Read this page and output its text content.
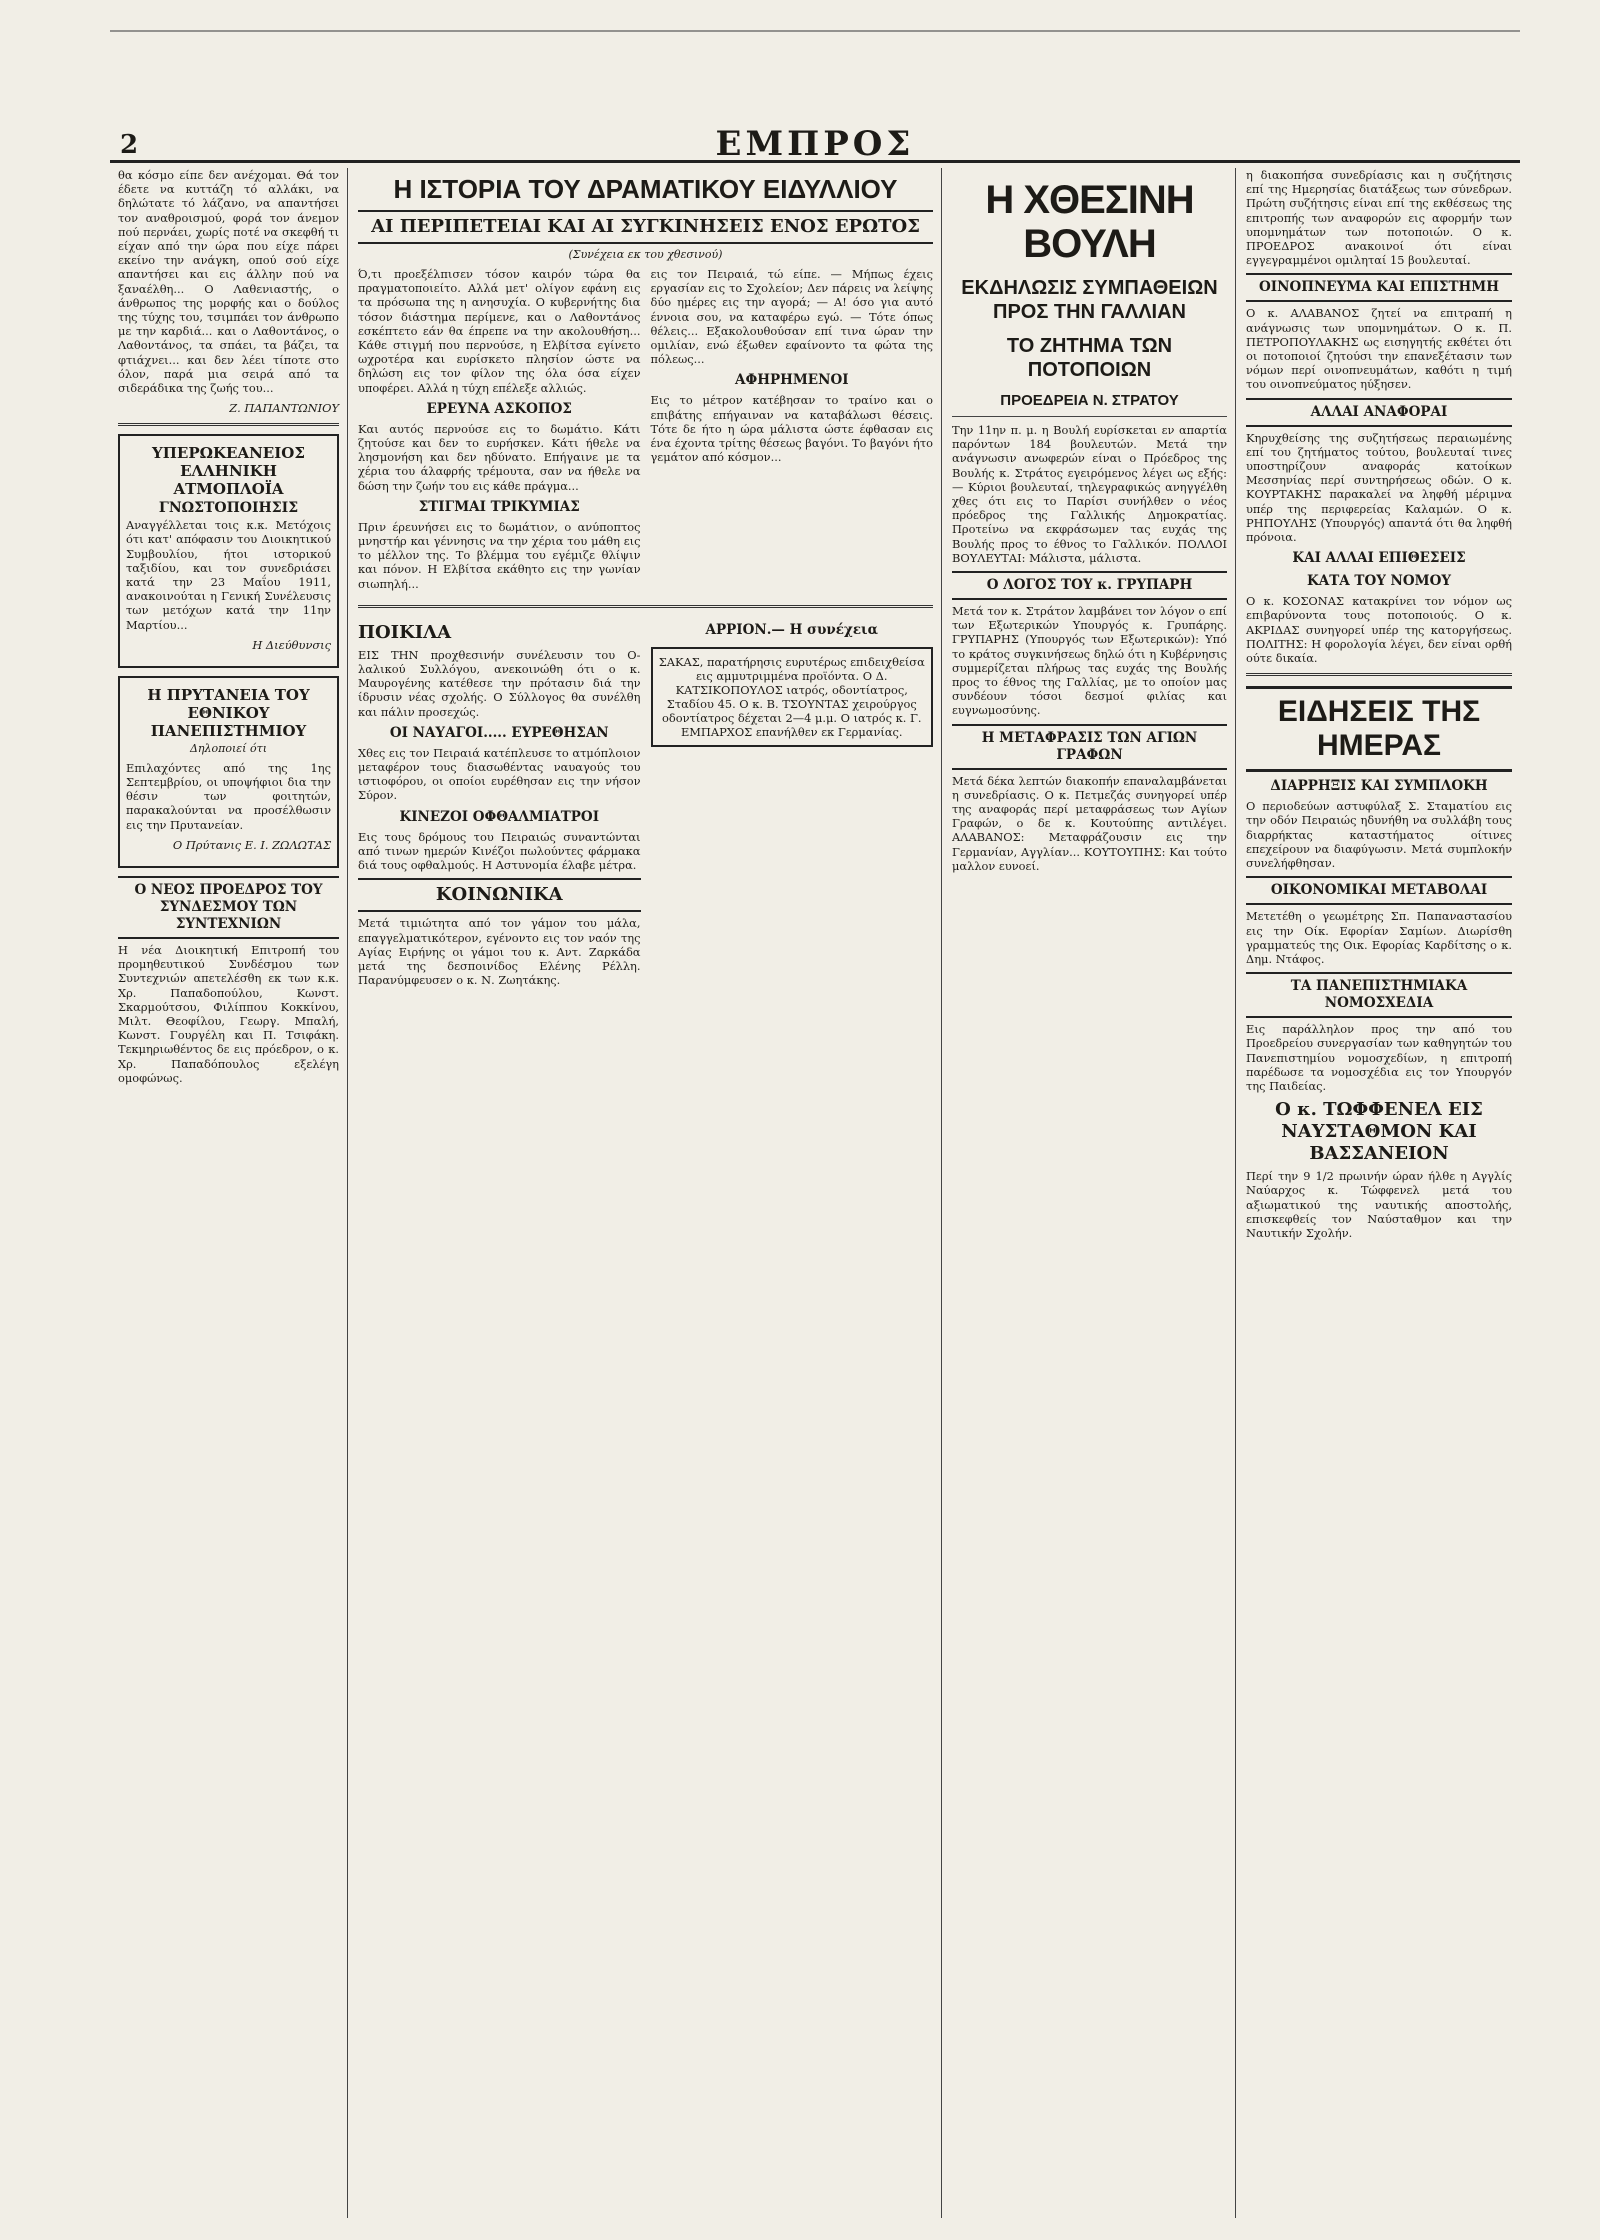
2	ΕΜΠΡΟΣ

θα κόσμο είπε δεν ανέχομαι. Θά τον έδετε να κυττάζη τό αλλάκι, να δηλώτατε τό λάζανο, να απαντήσει τον αναθροισμού, φορά τον άνεμον πού περνάει, χωρίς ποτέ να σκεφθή τι είχαν από την ώρα που είχε πάρει εκείνο την ανάγκη, οπού σού είχε απαντήσει και εις άλλην πού να ξαναέλθη... Ο Λαθενιαστής, ο άνθρωπος της μορφής και ο δούλος της τύχης του, τσιμπάει τον άνθρωπο με την καρδιά... και ο Λαθοντάνος, ο Λαθοντάνος, τα σπάει, τα βάζει, τα φτιάχνει... και δεν λέει τίποτε στο όλον, παρά μια σειρά από τα σιδεράδικα της ζωής του...

Ζ. ΠΑΠΑΝΤΩΝΙΟΥ
ΥΠΕΡΩΚΕΑΝΕΙΟΣ ΕΛΛΗΝΙΚΗ ΑΤΜΟΠΛΟΪΑ
ΓΝΩΣΤΟΠΟΙΗΣΙΣ

Αναγγέλλεται τοις κ.κ. Μετόχοις ότι κατ' απόφασιν του Διοικητικού Συμβουλίου, ήτοι ιστορικού ταξιδίου, και τον συνεδριάσει κατά την 23 Μαΐου 1911, ανακοινούται η Γενική Συνέλευσις των μετόχων κατά την 11ην Μαρτίου...

Η Διεύθυνσις
Η ΠΡΥΤΑΝΕΙΑ ΤΟΥ ΕΘΝΙΚΟΥ ΠΑΝΕΠΙΣΤΗΜΙΟΥ
Δηλοποιεί ότι

Επιλαχόντες από της 1ης Σεπτεμβρίου, οι υποψήφιοι δια την θέσιν των φοιτητών, παρακαλούνται να προσέλθωσιν εις την Πρυτανείαν.

Ο Πρύτανις Ε. Ι. ΖΩΛΩΤΑΣ
Ο ΝΕΟΣ ΠΡΟΕΔΡΟΣ ΤΟΥ ΣΥΝΔΕΣΜΟΥ ΤΩΝ ΣΥΝΤΕΧΝΙΩΝ

Η νέα Διοικητική Επιτροπή του προμηθευτικού Συνδέσμου των Συντεχνιών απετελέσθη εκ των κ.κ. Χρ. Παπαδοπούλου, Κωνστ. Σκαρμούτσου, Φιλίππου Κοκκίνου, Μιλτ. Θεοφίλου, Γεωργ. Μπαλή, Κωνστ. Γουργέλη και Π. Τσιφάκη. Τεκμηριωθέντος δε εις πρόεδρον, ο κ. Χρ. Παπαδόπουλος εξελέγη ομοφώνως.

Η ΙΣΤΟΡΙΑ ΤΟΥ ΔΡΑΜΑΤΙΚΟΥ ΕΙΔΥΛΛΙΟΥ
ΑΙ ΠΕΡΙΠΕΤΕΙΑΙ ΚΑΙ ΑΙ ΣΥΓΚΙΝΗΣΕΙΣ ΕΝΟΣ ΕΡΩΤΟΣ
(Συνέχεια εκ του χθεσινού)

Ό,τι προεξέλπισεν τόσον καιρόν τώρα θα πραγματοποιείτο. Αλλά μετ' ολίγον εφάνη εις τα πρόσωπα της η ανησυχία. Ο κυβερνήτης δια τόσον διάστημα περίμενε, και ο Λαθοντάνος εσκέπτετο εάν θα έπρεπε να την ακολουθήση... Κάθε στιγμή που περνούσε, η Ελβίτσα εγίνετο ωχροτέρα και ευρίσκετο πλησίον ώστε να δηλώση εις τον φίλον της όλα όσα είχεν υποφέρει. Αλλά η τύχη επέλεξε αλλιώς.

ΕΡΕΥΝΑ ΑΣΚΟΠΟΣ

Και αυτός περνούσε εις το δωμάτιο. Κάτι ζητούσε και δεν το ευρήσκεν. Κάτι ήθελε να λησμονήση και δεν ηδύνατο. Επήγαινε με τα χέρια του άλαφρής τρέμουτα, σαν να ήθελε να δώση την ζωήν του εις κάθε πράγμα...

ΣΤΙΓΜΑΙ ΤΡΙΚΥΜΙΑΣ

Πριν έρευνήσει εις το δωμάτιον, ο ανύποπτος μνηστήρ και γέννησις να την χέρια του μάθη εις το μέλλον της. Το βλέμμα του εγέμιζε θλίψιν και πόνον. Η Ελβίτσα εκάθητο εις την γωνίαν σιωπηλή...

εις τον Πειραιά, τώ είπε. — Μήπως έχεις εργασίαν εις το Σχολείον; Δεν πάρεις να λείψης δύο ημέρες εις την αγορά; — Α! όσο για αυτό έννοια σου, να καταφέρω εγώ. — Τότε όπως θέλεις... Εξακολουθούσαν επί τινα ώραν την ομιλίαν, ενώ έξωθεν εφαίνοντο τα φώτα της πόλεως...

ΑΦΗΡΗΜΕΝΟΙ

Εις το μέτρον κατέβησαν το τραίνο και ο επιβάτης επήγαιναν να καταβάλωσι θέσεις. Τότε δε ήτο η ώρα μάλιστα ώστε έφθασαν εις ένα έχοντα τρίτης θέσεως βαγόνι. Το βαγόνι ήτο γεμάτον από κόσμον...

ΠΟΙΚΙΛΑ

ΕΙΣ ΤΗΝ προχθεσινήν συνέλευσιν του Ο-λαλικού Συλλόγου, ανεκοινώθη ότι ο κ. Μαυρογένης κατέθεσε την πρότασιν διά την ίδρυσιν νέας σχολής. Ο Σύλλογος θα συνέλθη και πάλιν προσεχώς.

ΟΙ ΝΑΥΑΓΟΙ..... ΕΥΡΕΘΗΣΑΝ

Χθες εις τον Πειραιά κατέπλευσε το ατμόπλοιον μεταφέρον τους διασωθέντας ναυαγούς του ιστιοφόρου, οι οποίοι ευρέθησαν εις την νήσον Σύρον.

ΚΙΝΕΖΟΙ ΟΦΘΑΛΜΙΑΤΡΟΙ

Εις τους δρόμους του Πειραιώς συναντώνται από τινων ημερών Κινέζοι πωλούντες φάρμακα διά τους οφθαλμούς. Η Αστυνομία έλαβε μέτρα.

ΚΟΙΝΩΝΙΚΑ

Μετά τιμιώτητα από τον γάμον του μάλα, επαγγελματικότερον, εγένοντο εις τον ναόν της Αγίας Ειρήνης οι γάμοι του κ. Αντ. Ζαρκάδα μετά της δεσποινίδος Ελένης Ρέλλη. Παρανύμφευσεν ο κ. Ν. Ζωητάκης.

ΑΡΡΙΟΝ.— Η συνέχεια

ΣΑΚΑΣ, παρατήρησις ευρυτέρως επιδειχθείσα εις αμμυτριμμένα προϊόντα. Ο Δ. ΚΑΤΣΙΚΟΠΟΥΛΟΣ ιατρός, οδοντίατρος, Σταδίου 45. Ο κ. Β. ΤΣΟΥΝΤΑΣ χειρούργος οδοντίατρος δέχεται 2—4 μ.μ. Ο ιατρός κ. Γ. ΕΜΠΑΡΧΟΣ επανήλθεν εκ Γερμανίας.

Η ΧΘΕΣΙΝΗ ΒΟΥΛΗ
ΕΚΔΗΛΩΣΙΣ ΣΥΜΠΑΘΕΙΩΝ ΠΡΟΣ ΤΗΝ ΓΑΛΛΙΑΝ
ΤΟ ΖΗΤΗΜΑ ΤΩΝ ΠΟΤΟΠΟΙΩΝ
ΠΡΟΕΔΡΕΙΑ Ν. ΣΤΡΑΤΟΥ

Την 11ην π. μ. η Βουλή ευρίσκεται εν απαρτία παρόντων 184 βουλευτών. Μετά την ανάγνωσιν ανωφερών είναι ο Πρόεδρος της Βουλής κ. Στράτος εγειρόμενος λέγει ως εξής: — Κύριοι βουλευταί, τηλεγραφικώς ανηγγέλθη χθες ότι εις το Παρίσι συνήλθεν ο νέος πρόεδρος της Γαλλικής Δημοκρατίας. Προτείνω να εκφράσωμεν τας ευχάς της Βουλής προς το έθνος το Γαλλικόν. ΠΟΛΛΟΙ ΒΟΥΛΕΥΤΑΙ: Μάλιστα, μάλιστα.

Ο ΛΟΓΟΣ ΤΟΥ κ. ΓΡΥΠΑΡΗ

Μετά τον κ. Στράτον λαμβάνει τον λόγον ο επί των Εξωτερικών Υπουργός κ. Γρυπάρης. ΓΡΥΠΑΡΗΣ (Υπουργός των Εξωτερικών): Υπό το κράτος συγκινήσεως δηλώ ότι η Κυβέρνησις συμμερίζεται πλήρως τας ευχάς της Βουλής προς το έθνος της Γαλλίας, με το οποίον μας συνδέουν τόσοι δεσμοί φιλίας και ευγνωμοσύνης.

Η ΜΕΤΑΦΡΑΣΙΣ ΤΩΝ ΑΓΙΩΝ ΓΡΑΦΩΝ

Μετά δέκα λεπτών διακοπήν επαναλαμβάνεται η συνεδρίασις. Ο κ. Πετμεζάς συνηγορεί υπέρ της αναφοράς περί μεταφράσεως των Αγίων Γραφών, ο δε κ. Κουτούπης αντιλέγει. ΑΛΑΒΑΝΟΣ: Μεταφράζουσιν εις την Γερμανίαν, Αγγλίαν... ΚΟΥΤΟΥΠΗΣ: Και τούτο μαλλον ευνοεί.

η διακοπήσα συνεδρίασις και η συζήτησις επί της Ημερησίας διατάξεως των σύνεδρων. Πρώτη συζήτησις είναι επί της εκθέσεως της επιτροπής των αναφορών εις αφορμήν των υπομνημάτων των ποτοποιών. Ο κ. ΠΡΟΕΔΡΟΣ ανακοινοί ότι είναι εγγεγραμμένοι ομιληταί 15 βουλευταί.

ΟΙΝΟΠΝΕΥΜΑ ΚΑΙ ΕΠΙΣΤΗΜΗ

Ο κ. ΑΛΑΒΑΝΟΣ ζητεί να επιτραπή η ανάγνωσις των υπομνημάτων. Ο κ. Π. ΠΕΤΡΟΠΟΥΛΑΚΗΣ ως εισηγητής εκθέτει ότι οι ποτοποιοί ζητούσι την επανεξέτασιν των νόμων περί οινοπνευμάτων, καθότι η τιμή του οινοπνεύματος ηύξησεν.

ΑΛΛΑΙ ΑΝΑΦΟΡΑΙ

Κηρυχθείσης της συζητήσεως περαιωμένης επί του ζητήματος τούτου, βουλευταί τινες υποστηρίζουν αναφοράς κατοίκων Μεσσηνίας περί συντηρήσεως οδών. Ο κ. ΚΟΥΡΤΑΚΗΣ παρακαλεί να ληφθή μέριμνα υπέρ της περιφερείας Καλαμών. Ο κ. ΡΗΠΟΥΛΗΣ (Υπουργός) απαντά ότι θα ληφθή πρόνοια.

ΚΑΙ ΑΛΛΑΙ ΕΠΙΘΕΣΕΙΣ
ΚΑΤΑ ΤΟΥ ΝΟΜΟΥ

Ο κ. ΚΟΣΟΝΑΣ κατακρίνει τον νόμον ως επιβαρύνοντα τους ποτοποιούς. Ο κ. ΑΚΡΙΔΑΣ συνηγορεί υπέρ της κατοργήσεως. ΠΟΛΙΤΗΣ: Η φορολογία λέγει, δεν είναι ορθή ούτε δικαία.

ΕΙΔΗΣΕΙΣ ΤΗΣ ΗΜΕΡΑΣ
ΔΙΑΡΡΗΞΙΣ ΚΑΙ ΣΥΜΠΛΟΚΗ

Ο περιοδεύων αστυφύλαξ Σ. Σταματίου εις την οδόν Πειραιώς ηδυνήθη να συλλάβη τους διαρρήκτας καταστήματος οίτινες επεχείρουν να διαφύγωσιν. Μετά συμπλοκήν συνελήφθησαν.

ΟΙΚΟΝΟΜΙΚΑΙ ΜΕΤΑΒΟΛΑΙ

Μετετέθη ο γεωμέτρης Σπ. Παπαναστασίου εις την Οίκ. Εφορίαν Σαμίων. Διωρίσθη γραμματεύς της Οικ. Εφορίας Καρδίτσης ο κ. Δημ. Ντάφος.

ΤΑ ΠΑΝΕΠΙΣΤΗΜΙΑΚΑ ΝΟΜΟΣΧΕΔΙΑ

Εις παράλληλον προς την από του Προεδρείου συνεργασίαν των καθηγητών του Πανεπιστημίου νομοσχεδίων, η επιτροπή παρέδωσε τα νομοσχέδια εις τον Υπουργόν της Παιδείας.

Ο κ. ΤΩΦΦΕΝΕΛ ΕΙΣ ΝΑΥΣΤΑΘΜΟΝ ΚΑΙ ΒΑΣΣΑΝΕΙΟΝ

Περί την 9 1/2 πρωινήν ώραν ήλθε η Αγγλίς Ναύαρχος κ. Τώφφενελ μετά του αξιωματικού της ναυτικής αποστολής, επισκεφθείς τον Ναύσταθμον και την Ναυτικήν Σχολήν.
